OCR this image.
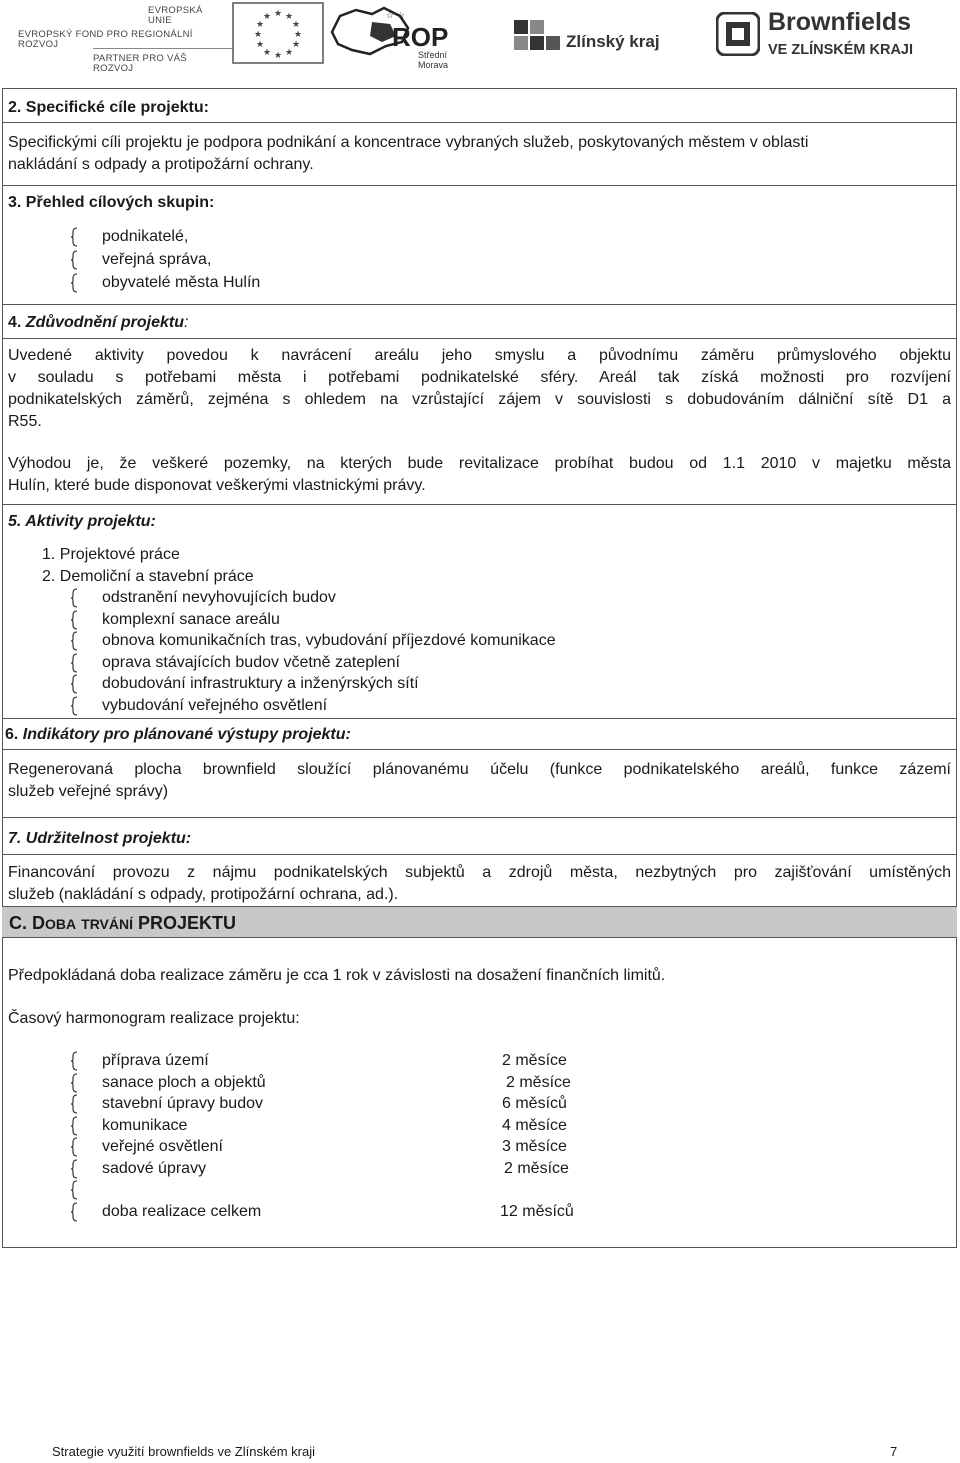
EVROPSKÁ UNIE
EVROPSKÝ FOND PRO REGIONÁLNÍ ROZVOJ
PARTNER PRO VÁŠ ROZVOJ
★ ★
★
★
★
★
★
★
★
★
★
★	☆ ☆
ROP
Střední Morava
Zlínský kraj
Brownfields
VE ZLÍNSKÉM KRAJI
2. Specifické cíle projektu:
Specifickými cíli projektu je podpora podnikání a koncentrace vybraných služeb, poskytovaných městem v oblasti
nakládání s odpady a protipožární ochrany.
3. Přehled cílových skupin:
podnikatelé,
veřejná správa,
obyvatelé města Hulín
4. Zdůvodnění projektu:
Uvedené aktivity povedou k navrácení areálu jeho smyslu a původnímu záměru průmyslového objektu
v souladu s potřebami města i potřebami podnikatelské sféry. Areál tak získá možnosti pro rozvíjení
podnikatelských záměrů, zejména s ohledem na vzrůstající zájem v souvislosti s dobudováním dálniční sítě D1 a
R55.
Výhodou je, že veškeré pozemky, na kterých bude revitalizace probíhat budou od 1.1 2010 v majetku města
Hulín, které bude disponovat veškerými vlastnickými právy.
5. Aktivity projektu:
1. Projektové práce
2. Demoliční a stavební práce
odstranění nevyhovujících budov
komplexní sanace areálu
obnova komunikačních tras, vybudování příjezdové komunikace
oprava stávajících budov včetně zateplení
dobudování infrastruktury a inženýrských sítí
vybudování veřejného osvětlení
6. Indikátory pro plánované výstupy projektu:
Regenerovaná plocha brownfield sloužící plánovanému účelu (funkce podnikatelského areálů, funkce zázemí
služeb veřejné správy)
7. Udržitelnost projektu:
Financování provozu z nájmu podnikatelských subjektů a zdrojů města, nezbytných pro zajišťování umístěných
služeb (nakládání s odpady, protipožární ochrana, ad.).
C. DOBA TRVÁNÍ PROJEKTU
Předpokládaná doba realizace záměru je cca 1 rok v závislosti na dosažení finančních limitů.
Časový harmonogram realizace projektu:
příprava území	2 měsíce
sanace ploch a objektů	2 měsíce
stavební úpravy budov	6 měsíců
komunikace	4 měsíce
veřejné osvětlení	3 měsíce
sadové úpravy	2 měsíce
doba realizace celkem	12 měsíců
Strategie využití brownfields ve Zlínském kraji	7
